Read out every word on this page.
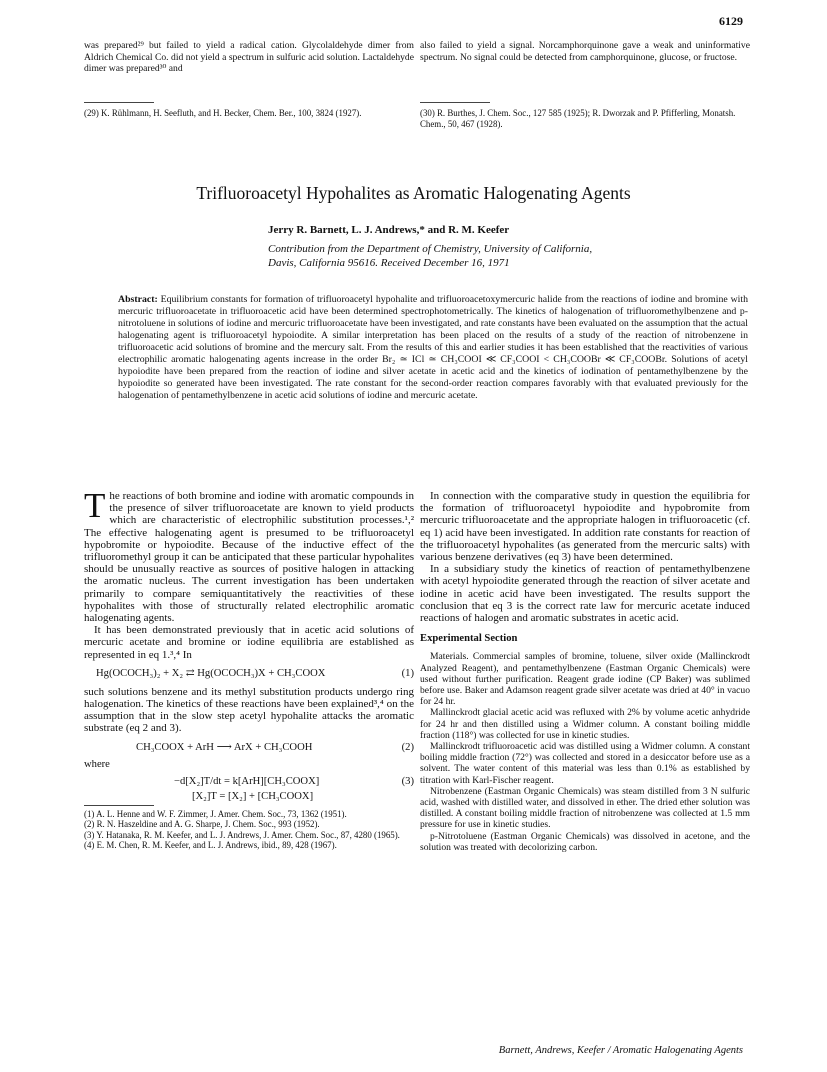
6129
was prepared²⁹ but failed to yield a radical cation. Glycolaldehyde dimer from Aldrich Chemical Co. did not yield a spectrum in sulfuric acid solution. Lactaldehyde dimer was prepared³⁰ and
also failed to yield a signal. Norcamphorquinone gave a weak and uninformative spectrum. No signal could be detected from camphorquinone, glucose, or fructose.
(29) K. Rühlmann, H. Seefluth, and H. Becker, Chem. Ber., 100, 3824 (1927).	(30) R. Burthes, J. Chem. Soc., 127 585 (1925); R. Dworzak and P. Pfifferling, Monatsh. Chem., 50, 467 (1928).
Trifluoroacetyl Hypohalites as Aromatic Halogenating Agents
Jerry R. Barnett, L. J. Andrews,* and R. M. Keefer
Contribution from the Department of Chemistry, University of California,
Davis, California 95616. Received December 16, 1971
Abstract: Equilibrium constants for formation of trifluoroacetyl hypohalite and trifluoroacetoxymercuric halide from the reactions of iodine and bromine with mercuric trifluoroacetate in trifluoroacetic acid have been determined spectrophotometrically. The kinetics of halogenation of trifluoromethylbenzene and p-nitrotoluene in solutions of iodine and mercuric trifluoroacetate have been investigated, and rate constants have been evaluated on the assumption that the actual halogenating agent is trifluoroacetyl hypoiodite. A similar interpretation has been placed on the results of a study of the reaction of nitrobenzene in trifluoroacetic acid solutions of bromine and the mercury salt. From the results of this and earlier studies it has been established that the reactivities of various electrophilic aromatic halogenating agents increase in the order Br₂ ≃ ICl ≃ CH₃COOI ≪ CF₃COOI < CH₃COOBr ≪ CF₃COOBr. Solutions of acetyl hypoiodite have been prepared from the reaction of iodine and silver acetate in acetic acid and the kinetics of iodination of pentamethylbenzene by the hypoiodite so generated have been investigated. The rate constant for the second-order reaction compares favorably with that evaluated previously for the halogenation of pentamethylbenzene in acetic acid solutions of iodine and mercuric acetate.

The reactions of both bromine and iodine with aromatic compounds in the presence of silver trifluoroacetate are known to yield products which are characteristic of electrophilic substitution processes.¹,² The effective halogenating agent is presumed to be trifluoroacetyl hypobromite or hypoiodite. Because of the inductive effect of the trifluoromethyl group it can be anticipated that these particular hypohalites should be unusually reactive as sources of positive halogen in attacking the aromatic nucleus. The current investigation has been undertaken primarily to compare semiquantitatively the reactivities of these hypohalites with those of structurally related electrophilic aromatic halogenating agents.

It has been demonstrated previously that in acetic acid solutions of mercuric acetate and bromine or iodine equilibria are established as represented in eq 1.³,⁴ In

Hg(OCOCH₃)₂ + X₂ ⇄ Hg(OCOCH₃)X + CH₃COOX	(1)

such solutions benzene and its methyl substitution products undergo ring halogenation. The kinetics of these reactions have been explained³,⁴ on the assumption that in the slow step acetyl hypohalite attacks the aromatic substrate (eq 2 and 3).

CH₃COOX + ArH ⟶ ArX + CH₃COOH	(2)
where
−d[X₂]T/dt = k[ArH][CH₃COOX]	(3)
[X₂]T = [X₂] + [CH₃COOX]
(1) A. L. Henne and W. F. Zimmer, J. Amer. Chem. Soc., 73, 1362 (1951).
(2) R. N. Haszeldine and A. G. Sharpe, J. Chem. Soc., 993 (1952).
(3) Y. Hatanaka, R. M. Keefer, and L. J. Andrews, J. Amer. Chem. Soc., 87, 4280 (1965).
(4) E. M. Chen, R. M. Keefer, and L. J. Andrews, ibid., 89, 428 (1967).

In connection with the comparative study in question the equilibria for the formation of trifluoroacetyl hypoiodite and hypobromite from mercuric trifluoroacetate and the appropriate halogen in trifluoroacetic (cf. eq 1) acid have been investigated. In addition rate constants for reaction of the trifluoroacetyl hypohalites (as generated from the mercuric salts) with various benzene derivatives (eq 3) have been determined.

In a subsidiary study the kinetics of reaction of pentamethylbenzene with acetyl hypoiodite generated through the reaction of silver acetate and iodine in acetic acid have been investigated. The results support the conclusion that eq 3 is the correct rate law for mercuric acetate induced reactions of halogen and aromatic substrates in acetic acid.

Experimental Section

Materials. Commercial samples of bromine, toluene, silver oxide (Mallinckrodt Analyzed Reagent), and pentamethylbenzene (Eastman Organic Chemicals) were used without further purification. Reagent grade iodine (CP Baker) was sublimed before use. Baker and Adamson reagent grade silver acetate was dried at 40° in vacuo for 24 hr.

Mallinckrodt glacial acetic acid was refluxed with 2% by volume acetic anhydride for 24 hr and then distilled using a Widmer column. A constant boiling middle fraction (118°) was collected for use in kinetic studies.

Mallinckrodt trifluoroacetic acid was distilled using a Widmer column. A constant boiling middle fraction (72°) was collected and stored in a desiccator before use as a solvent. The water content of this material was less than 0.1% as established by titration with Karl-Fischer reagent.

Nitrobenzene (Eastman Organic Chemicals) was steam distilled from 3 N sulfuric acid, washed with distilled water, and dissolved in ether. The dried ether solution was distilled. A constant boiling middle fraction of nitrobenzene was collected at 1.5 mm pressure for use in kinetic studies.

p-Nitrotoluene (Eastman Organic Chemicals) was dissolved in acetone, and the solution was treated with decolorizing carbon.

Barnett, Andrews, Keefer / Aromatic Halogenating Agents
